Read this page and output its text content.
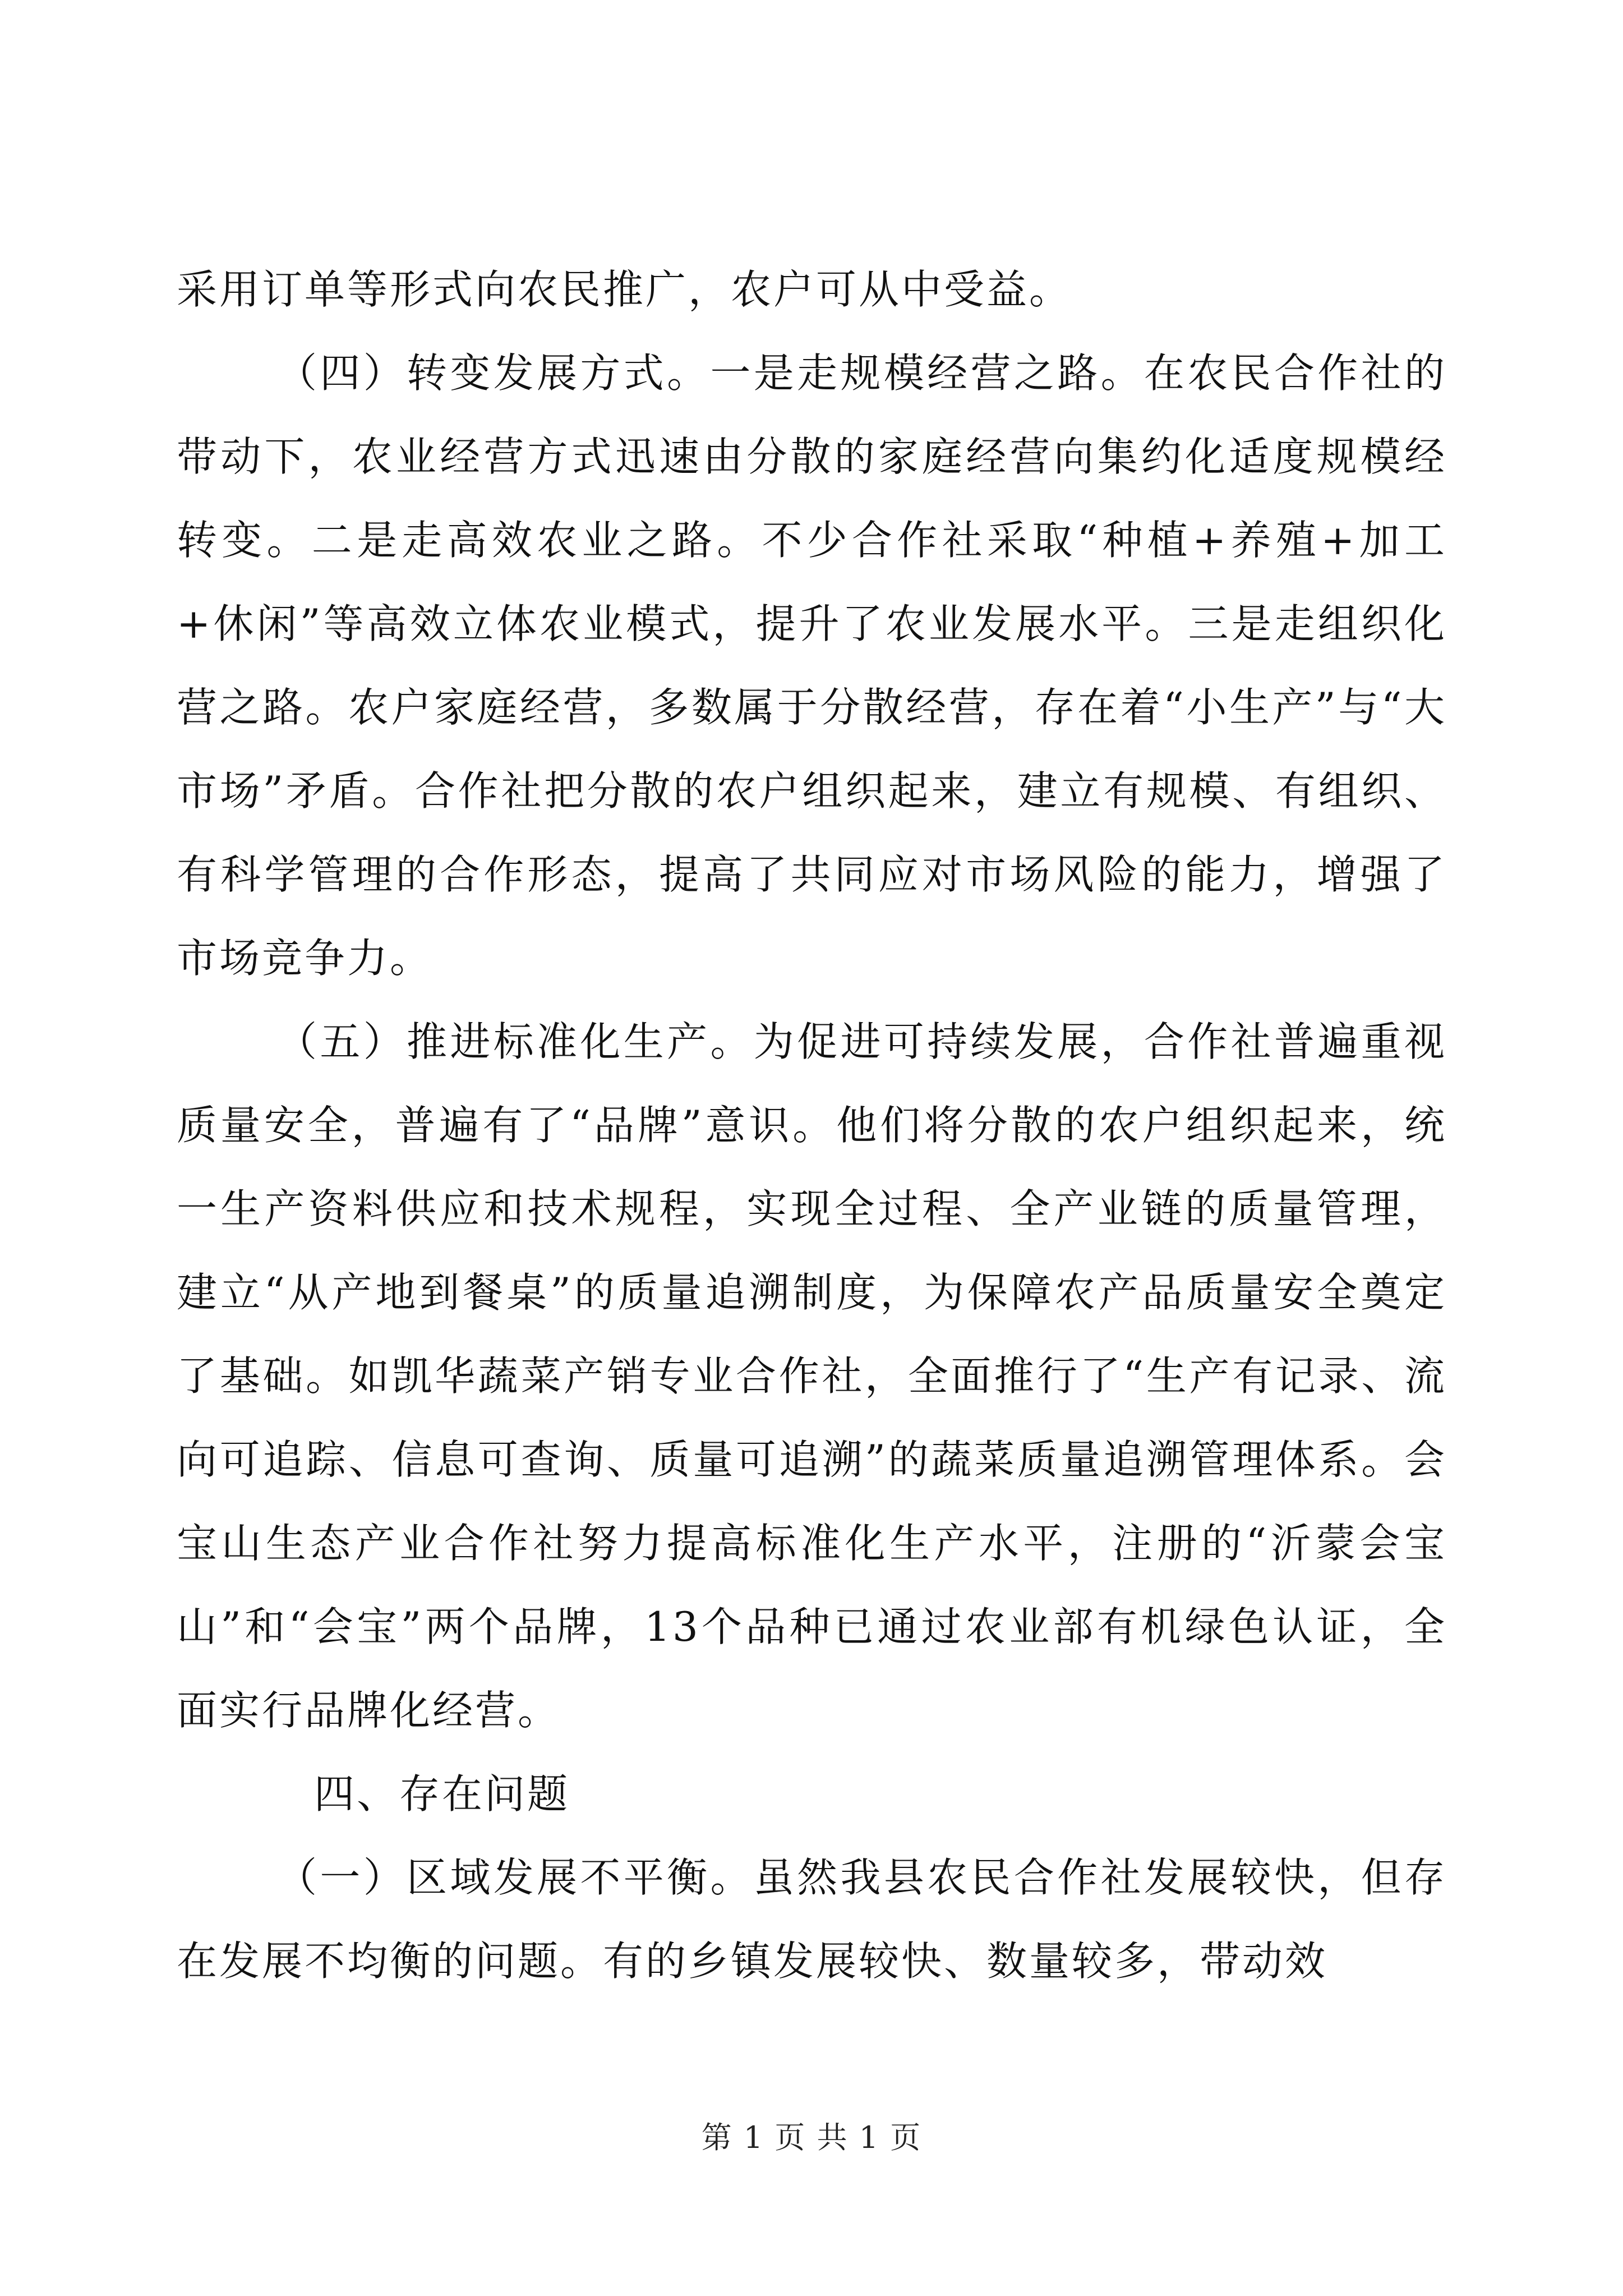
采用订单等形式向农民推广，农户可从中受益。

（四）转变发展方式。一是走规模经营之路。在农民合作社的带动下，农业经营方式迅速由分散的家庭经营向集约化适度规模经转变。二是走高效农业之路。不少合作社采取“种植+养殖+加工+休闲”等高效立体农业模式，提升了农业发展水平。三是走组织化营之路。农户家庭经营，多数属于分散经营，存在着“小生产”与“大市场”矛盾。合作社把分散的农户组织起来，建立有规模、有组织、有科学管理的合作形态，提高了共同应对市场风险的能力，增强了市场竞争力。

（五）推进标准化生产。为促进可持续发展，合作社普遍重视质量安全，普遍有了“品牌”意识。他们将分散的农户组织起来，统一生产资料供应和技术规程，实现全过程、全产业链的质量管理，建立“从产地到餐桌”的质量追溯制度，为保障农产品质量安全奠定了基础。如凯华蔬菜产销专业合作社，全面推行了“生产有记录、流向可追踪、信息可查询、质量可追溯”的蔬菜质量追溯管理体系。会宝山生态产业合作社努力提高标准化生产水平，注册的“沂蒙会宝山”和“会宝”两个品牌，13个品种已通过农业部有机绿色认证，全面实行品牌化经营。

四、存在问题

（一）区域发展不平衡。虽然我县农民合作社发展较快，但存在发展不均衡的问题。有的乡镇发展较快、数量较多，带动效

第 1 页 共 1 页
